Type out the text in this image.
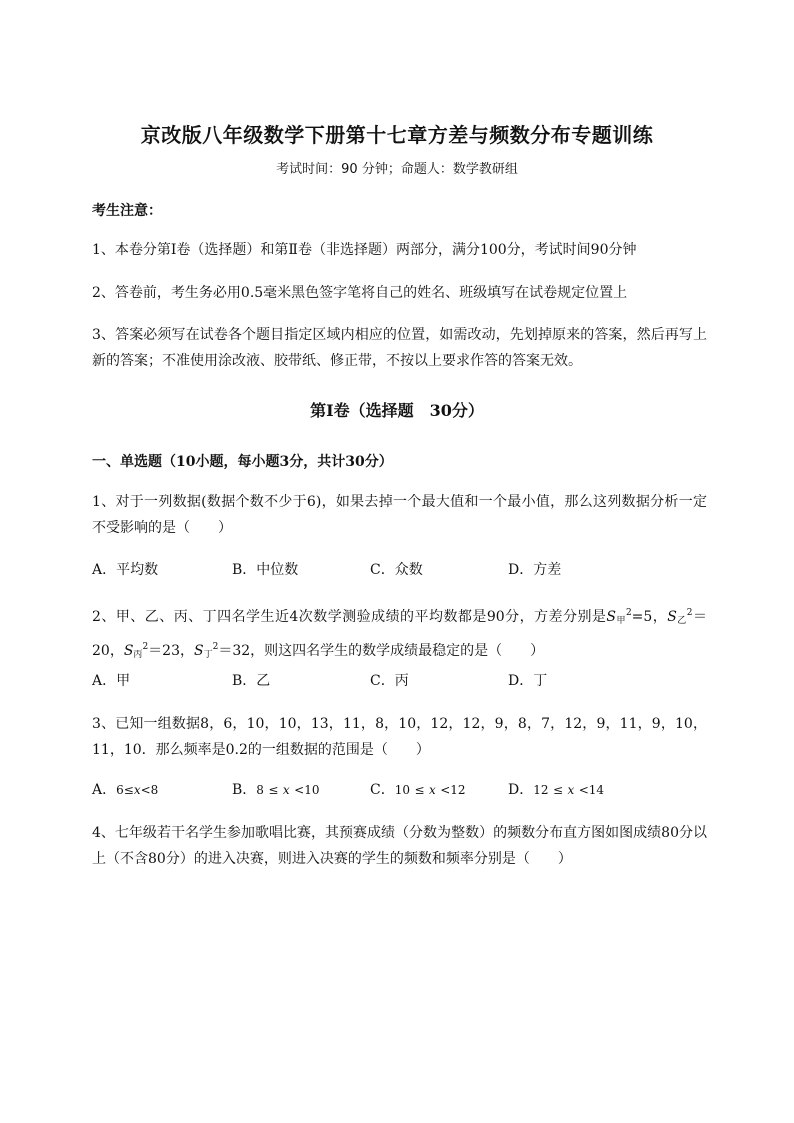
京改版八年级数学下册第十七章方差与频数分布专题训练
考试时间：90 分钟；命题人：数学教研组
考生注意：
1、本卷分第Ⅰ卷（选择题）和第Ⅱ卷（非选择题）两部分，满分100分，考试时间90分钟
2、答卷前，考生务必用0.5毫米黑色签字笔将自己的姓名、班级填写在试卷规定位置上
3、答案必须写在试卷各个题目指定区域内相应的位置，如需改动，先划掉原来的答案，然后再写上新的答案；不准使用涂改液、胶带纸、修正带，不按以上要求作答的答案无效。
第Ⅰ卷（选择题　30分）
一、单选题（10小题，每小题3分，共计30分）
1、对于一列数据(数据个数不少于6)，如果去掉一个最大值和一个最小值，那么这列数据分析一定不受影响的是（　　）
A．平均数	B．中位数	C．众数	D．方差
2、甲、乙、丙、丁四名学生近4次数学测验成绩的平均数都是90分，方差分别是$S_甲^2=5$，$S_乙^2=20$，$S_丙^2=23$，$S_丁^2=32$，则这四名学生的数学成绩最稳定的是（　　）
A．甲	B．乙	C．丙	D．丁
3、已知一组数据8，6，10，10，13，11，8，10，12，12，9，8，7，12，9，11，9，10，11，10．那么频率是0.2的一组数据的范围是（　　）
A．6≤x<8	B．8 ≤ x <10	C．10 ≤ x <12	D．12 ≤ x <14
4、七年级若干名学生参加歌唱比赛，其预赛成绩（分数为整数）的频数分布直方图如图成绩80分以上（不含80分）的进入决赛，则进入决赛的学生的频数和频率分别是（　　）
